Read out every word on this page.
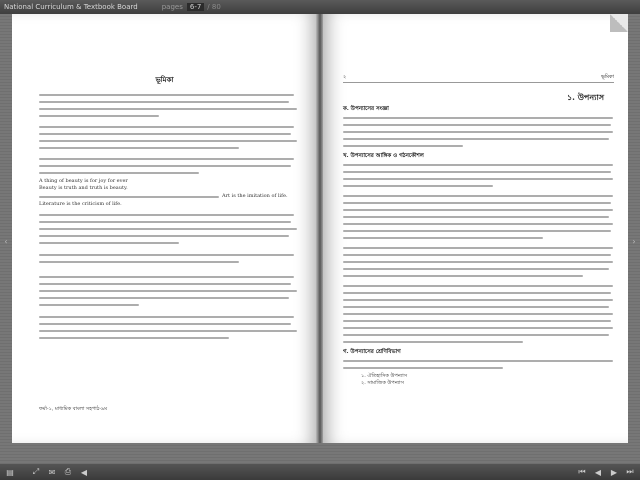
National Curriculum & Textbook Board	pages	6-7 / 80
‹	›
ভূমিকা
A thing of beauty is for joy for ever
Beauty is truth and truth is beauty.
Art is the imitation of life.
Literature is the criticism of life.
ফর্মা-১, মাধ্যমিক বাংলা সহপাঠ-৯ম
২	ভূমিকা
১. উপন্যাস
ক. উপন্যাসের সংজ্ঞা
খ. উপন্যাসের আঙ্গিক ও গঠনকৌশল
গ. উপন্যাসের শ্রেণিবিভাগ
১. ঐতিহাসিক উপন্যাস
২. সামাজিক উপন্যাস
▤	⤢	✉	⎙	◀	⏮	◀	▶	⏭
